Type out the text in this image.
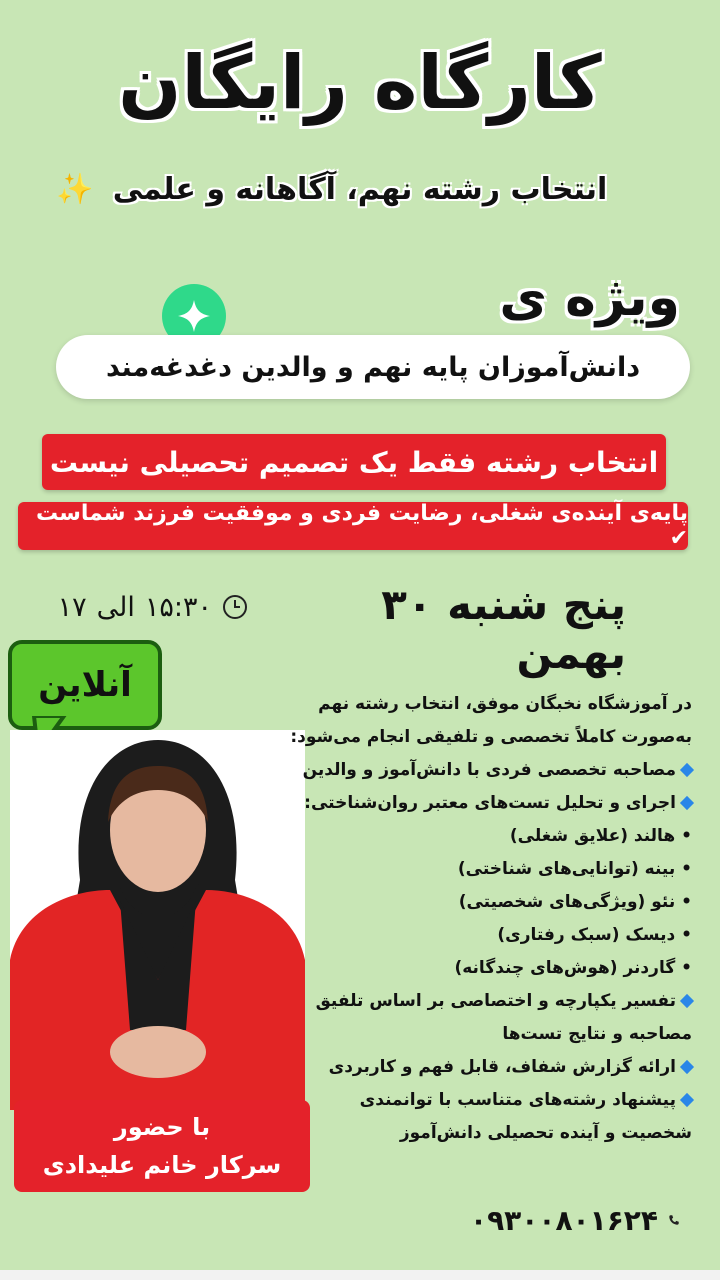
کارگاه رایگان
✨ انتخاب رشته نهم، آگاهانه و علمی
ویژه ی
دانش‌آموزان پایه نهم و والدین دغدغه‌مند
انتخاب رشته فقط یک تصمیم تحصیلی نیست
پایه‌ی آینده‌ی شغلی، رضایت فردی و موفقیت فرزند شماست ✔
پنج شنبه ۳۰ بهمن
۱۵:۳۰
الی
۱۷
آنلاین
با حضور
سرکار خانم علیدادی
در آموزشگاه نخبگان موفق، انتخاب رشته نهم
به‌صورت کاملاً تخصصی و تلفیقی انجام می‌شود:
مصاحبه تخصصی فردی با دانش‌آموز و والدین
اجرای و تحلیل تست‌های معتبر روان‌شناختی:
• هالند (علایق شغلی)
• بینه (توانایی‌های شناختی)
• نئو (ویژگی‌های شخصیتی)
• دیسک (سبک رفتاری)
• گاردنر (هوش‌های چندگانه)
تفسیر یکپارچه و اختصاصی بر اساس تلفیق
مصاحبه و نتایج تست‌ها
ارائه گزارش شفاف، قابل فهم و کاربردی
پیشنهاد رشته‌های متناسب با توانمندی
شخصیت و آینده تحصیلی دانش‌آموز
۰۹۳۰۰۸۰۱۶۲۴
